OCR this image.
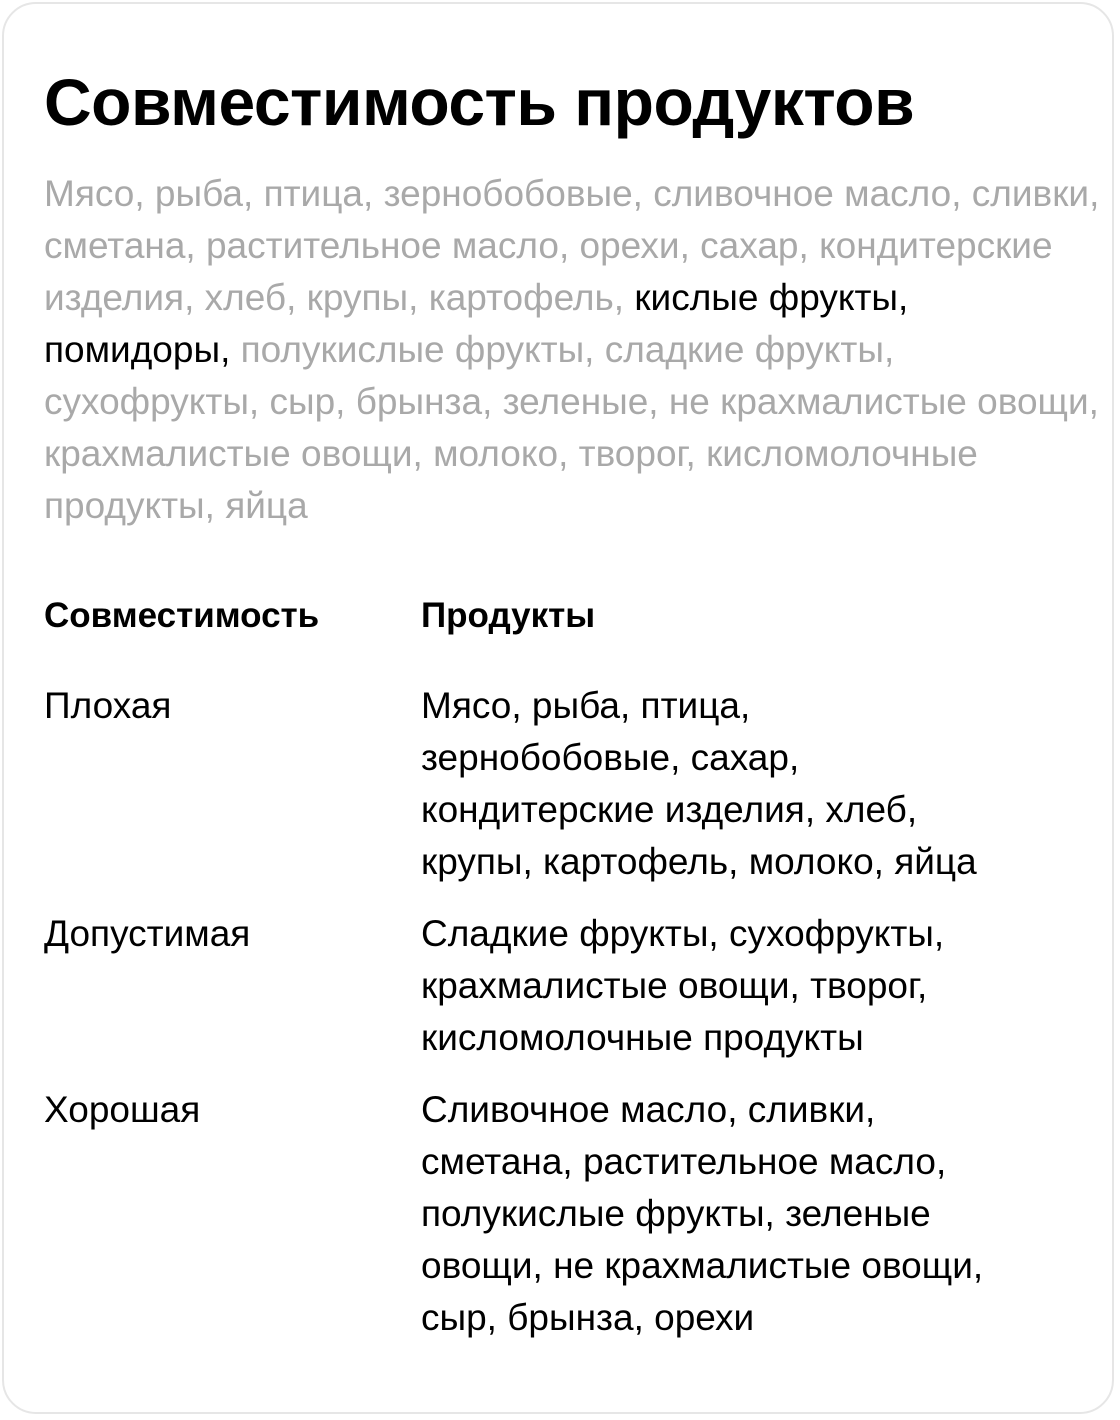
Совместимость продуктов
Мясо, рыба, птица, зернобобовые, сливочное масло, сливки, сметана, растительное масло, орехи, сахар, кондитерские изделия, хлеб, крупы, картофель, кислые фрукты, помидоры, полукислые фрукты, сладкие фрукты, сухофрукты, сыр, брынза, зеленые, не крахмалистые овощи, крахмалистые овощи, молоко, творог, кисломолочные продукты, яйца
Совместимость	Продукты
Плохая	Мясо, рыба, птица,
зернобобовые, сахар,
кондитерские изделия, хлеб,
крупы, картофель, молоко, яйца
Допустимая	Сладкие фрукты, сухофрукты,
крахмалистые овощи, творог,
кисломолочные продукты
Хорошая	Сливочное масло, сливки,
сметана, растительное масло,
полукислые фрукты, зеленые
овощи, не крахмалистые овощи,
сыр, брынза, орехи
